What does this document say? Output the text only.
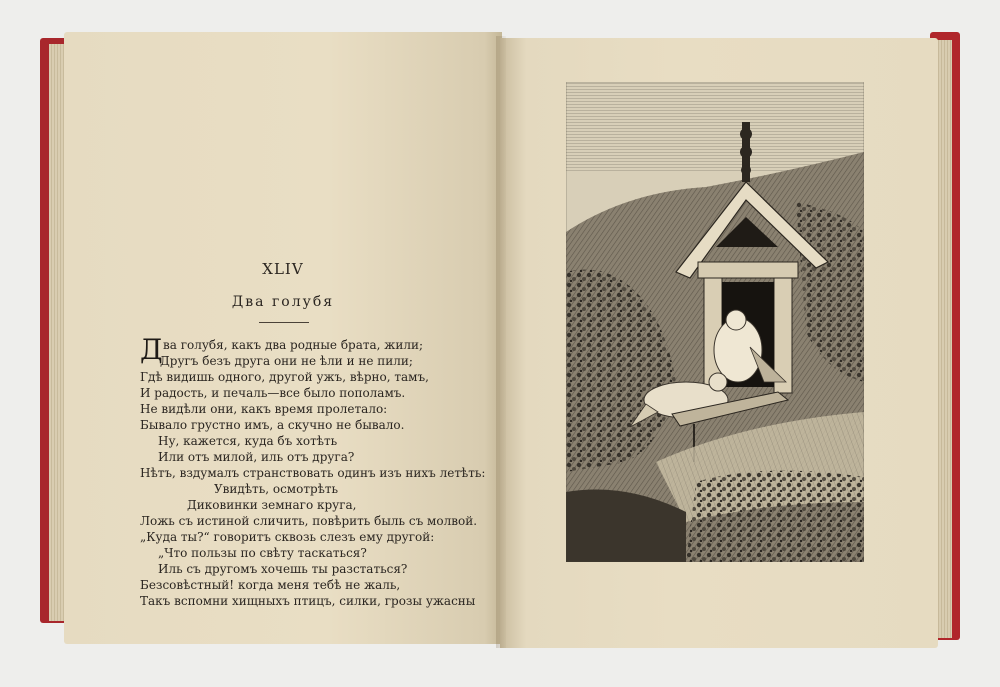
XLIV
Два голубя
ва голубя, какъ два родные брата, жили;
Другъ безъ друга они не ѣли и не пили;
Гдѣ видишь одного, другой ужъ, вѣрно, тамъ,
И радость, и печаль—все было пополамъ.
Не видѣли они, какъ время пролетало:
Бывало грустно имъ, а скучно не бывало.
Ну, кажется, куда бъ хотѣть
Или отъ милой, иль отъ друга?
Нѣтъ, вздумалъ странствовать одинъ изъ нихъ летѣть:
Увидѣть, осмотрѣть
Диковинки земнаго круга,
Ложь съ истиной сличить, повѣрить быль съ молвой.
„Куда ты?“ говоритъ сквозь слезъ ему другой:
„Что пользы по свѣту таскаться?
Иль съ другомъ хочешь ты разстаться?
Безсовѣстный! когда меня тебѣ не жаль,
Такъ вспомни хищныхъ птицъ, силки, грозы ужасны
Д
